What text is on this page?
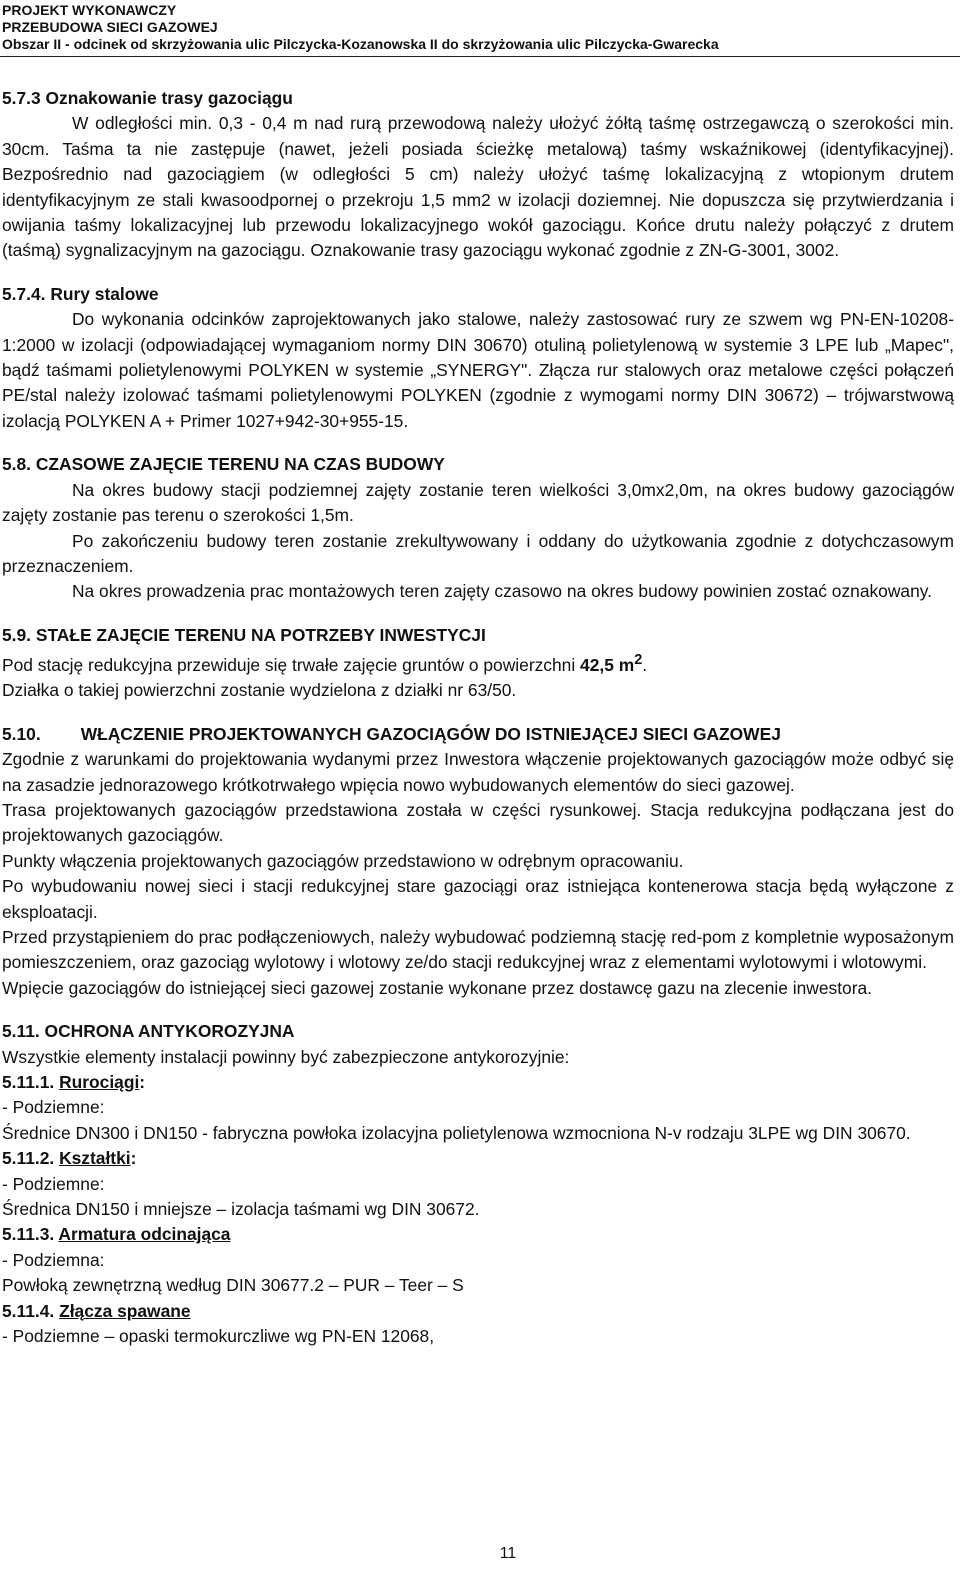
PROJEKT WYKONAWCZY
PRZEBUDOWA SIECI GAZOWEJ
Obszar II - odcinek od skrzyżowania ulic Pilczycka-Kozanowska II do skrzyżowania ulic Pilczycka-Gwarecka

5.7.3 Oznakowanie trasy gazociągu

W odległości min. 0,3 - 0,4 m nad rurą przewodową należy ułożyć żółtą taśmę ostrzegawczą o szerokości min. 30cm. Taśma ta nie zastępuje (nawet, jeżeli posiada ścieżkę metalową) taśmy wskaźnikowej (identyfikacyjnej). Bezpośrednio nad gazociągiem (w odległości 5 cm) należy ułożyć taśmę lokalizacyjną z wtopionym drutem identyfikacyjnym ze stali kwasoodpornej o przekroju 1,5 mm2 w izolacji doziemnej. Nie dopuszcza się przytwierdzania i owijania taśmy lokalizacyjnej lub przewodu lokalizacyjnego wokół gazociągu. Końce drutu należy połączyć z drutem (taśmą) sygnalizacyjnym na gazociągu. Oznakowanie trasy gazociągu wykonać zgodnie z ZN-G-3001, 3002.

5.7.4. Rury stalowe

Do wykonania odcinków zaprojektowanych jako stalowe, należy zastosować rury ze szwem wg PN-EN-10208-1:2000 w izolacji (odpowiadającej wymaganiom normy DIN 30670) otuliną polietylenową w systemie 3 LPE lub „Mapec", bądź taśmami polietylenowymi POLYKEN w systemie „SYNERGY". Złącza rur stalowych oraz metalowe części połączeń PE/stal należy izolować taśmami polietylenowymi POLYKEN (zgodnie z wymogami normy DIN 30672) – trójwarstwową izolacją POLYKEN A + Primer 1027+942-30+955-15.

5.8. CZASOWE ZAJĘCIE TERENU NA CZAS BUDOWY

Na okres budowy stacji podziemnej zajęty zostanie teren wielkości 3,0mx2,0m, na okres budowy gazociągów zajęty zostanie pas terenu o szerokości 1,5m.

Po zakończeniu budowy teren zostanie zrekultywowany i oddany do użytkowania zgodnie z dotychczasowym przeznaczeniem.

Na okres prowadzenia prac montażowych teren zajęty czasowo na okres budowy powinien zostać oznakowany.

5.9. STAŁE ZAJĘCIE TERENU NA POTRZEBY INWESTYCJI

Pod stację redukcyjna przewiduje się trwałe zajęcie gruntów o powierzchni 42,5 $m^2$.

Działka o takiej powierzchni zostanie wydzielona z działki nr 63/50.

5.10. WŁĄCZENIE PROJEKTOWANYCH GAZOCIĄGÓW DO ISTNIEJĄCEJ SIECI GAZOWEJ

Zgodnie z warunkami do projektowania wydanymi przez Inwestora włączenie projektowanych gazociągów może odbyć się na zasadzie jednorazowego krótkotrwałego wpięcia nowo wybudowanych elementów do sieci gazowej.

Trasa projektowanych gazociągów przedstawiona została w części rysunkowej. Stacja redukcyjna podłączana jest do projektowanych gazociągów.

Punkty włączenia projektowanych gazociągów przedstawiono w odrębnym opracowaniu.

Po wybudowaniu nowej sieci i stacji redukcyjnej stare gazociągi oraz istniejąca kontenerowa stacja będą wyłączone z eksploatacji.

Przed przystąpieniem do prac podłączeniowych, należy wybudować podziemną stację red-pom z kompletnie wyposażonym pomieszczeniem, oraz gazociąg wylotowy i wlotowy ze/do stacji redukcyjnej wraz z elementami wylotowymi i wlotowymi.

Wpięcie gazociągów do istniejącej sieci gazowej zostanie wykonane przez dostawcę gazu na zlecenie inwestora.

5.11. OCHRONA ANTYKOROZYJNA

Wszystkie elementy instalacji powinny być zabezpieczone antykorozyjnie:

5.11.1. Rurociągi:

- Podziemne:

Średnice DN300 i DN150 - fabryczna powłoka izolacyjna polietylenowa wzmocniona N-v rodzaju 3LPE wg DIN 30670.

5.11.2. Kształtki:

- Podziemne:

Średnica DN150 i mniejsze – izolacja taśmami wg DIN 30672.

5.11.3. Armatura odcinająca

- Podziemna:

Powłoką zewnętrzną według DIN 30677.2 – PUR – Teer – S

5.11.4. Złącza spawane

- Podziemne – opaski termokurczliwe wg PN-EN 12068,

11
